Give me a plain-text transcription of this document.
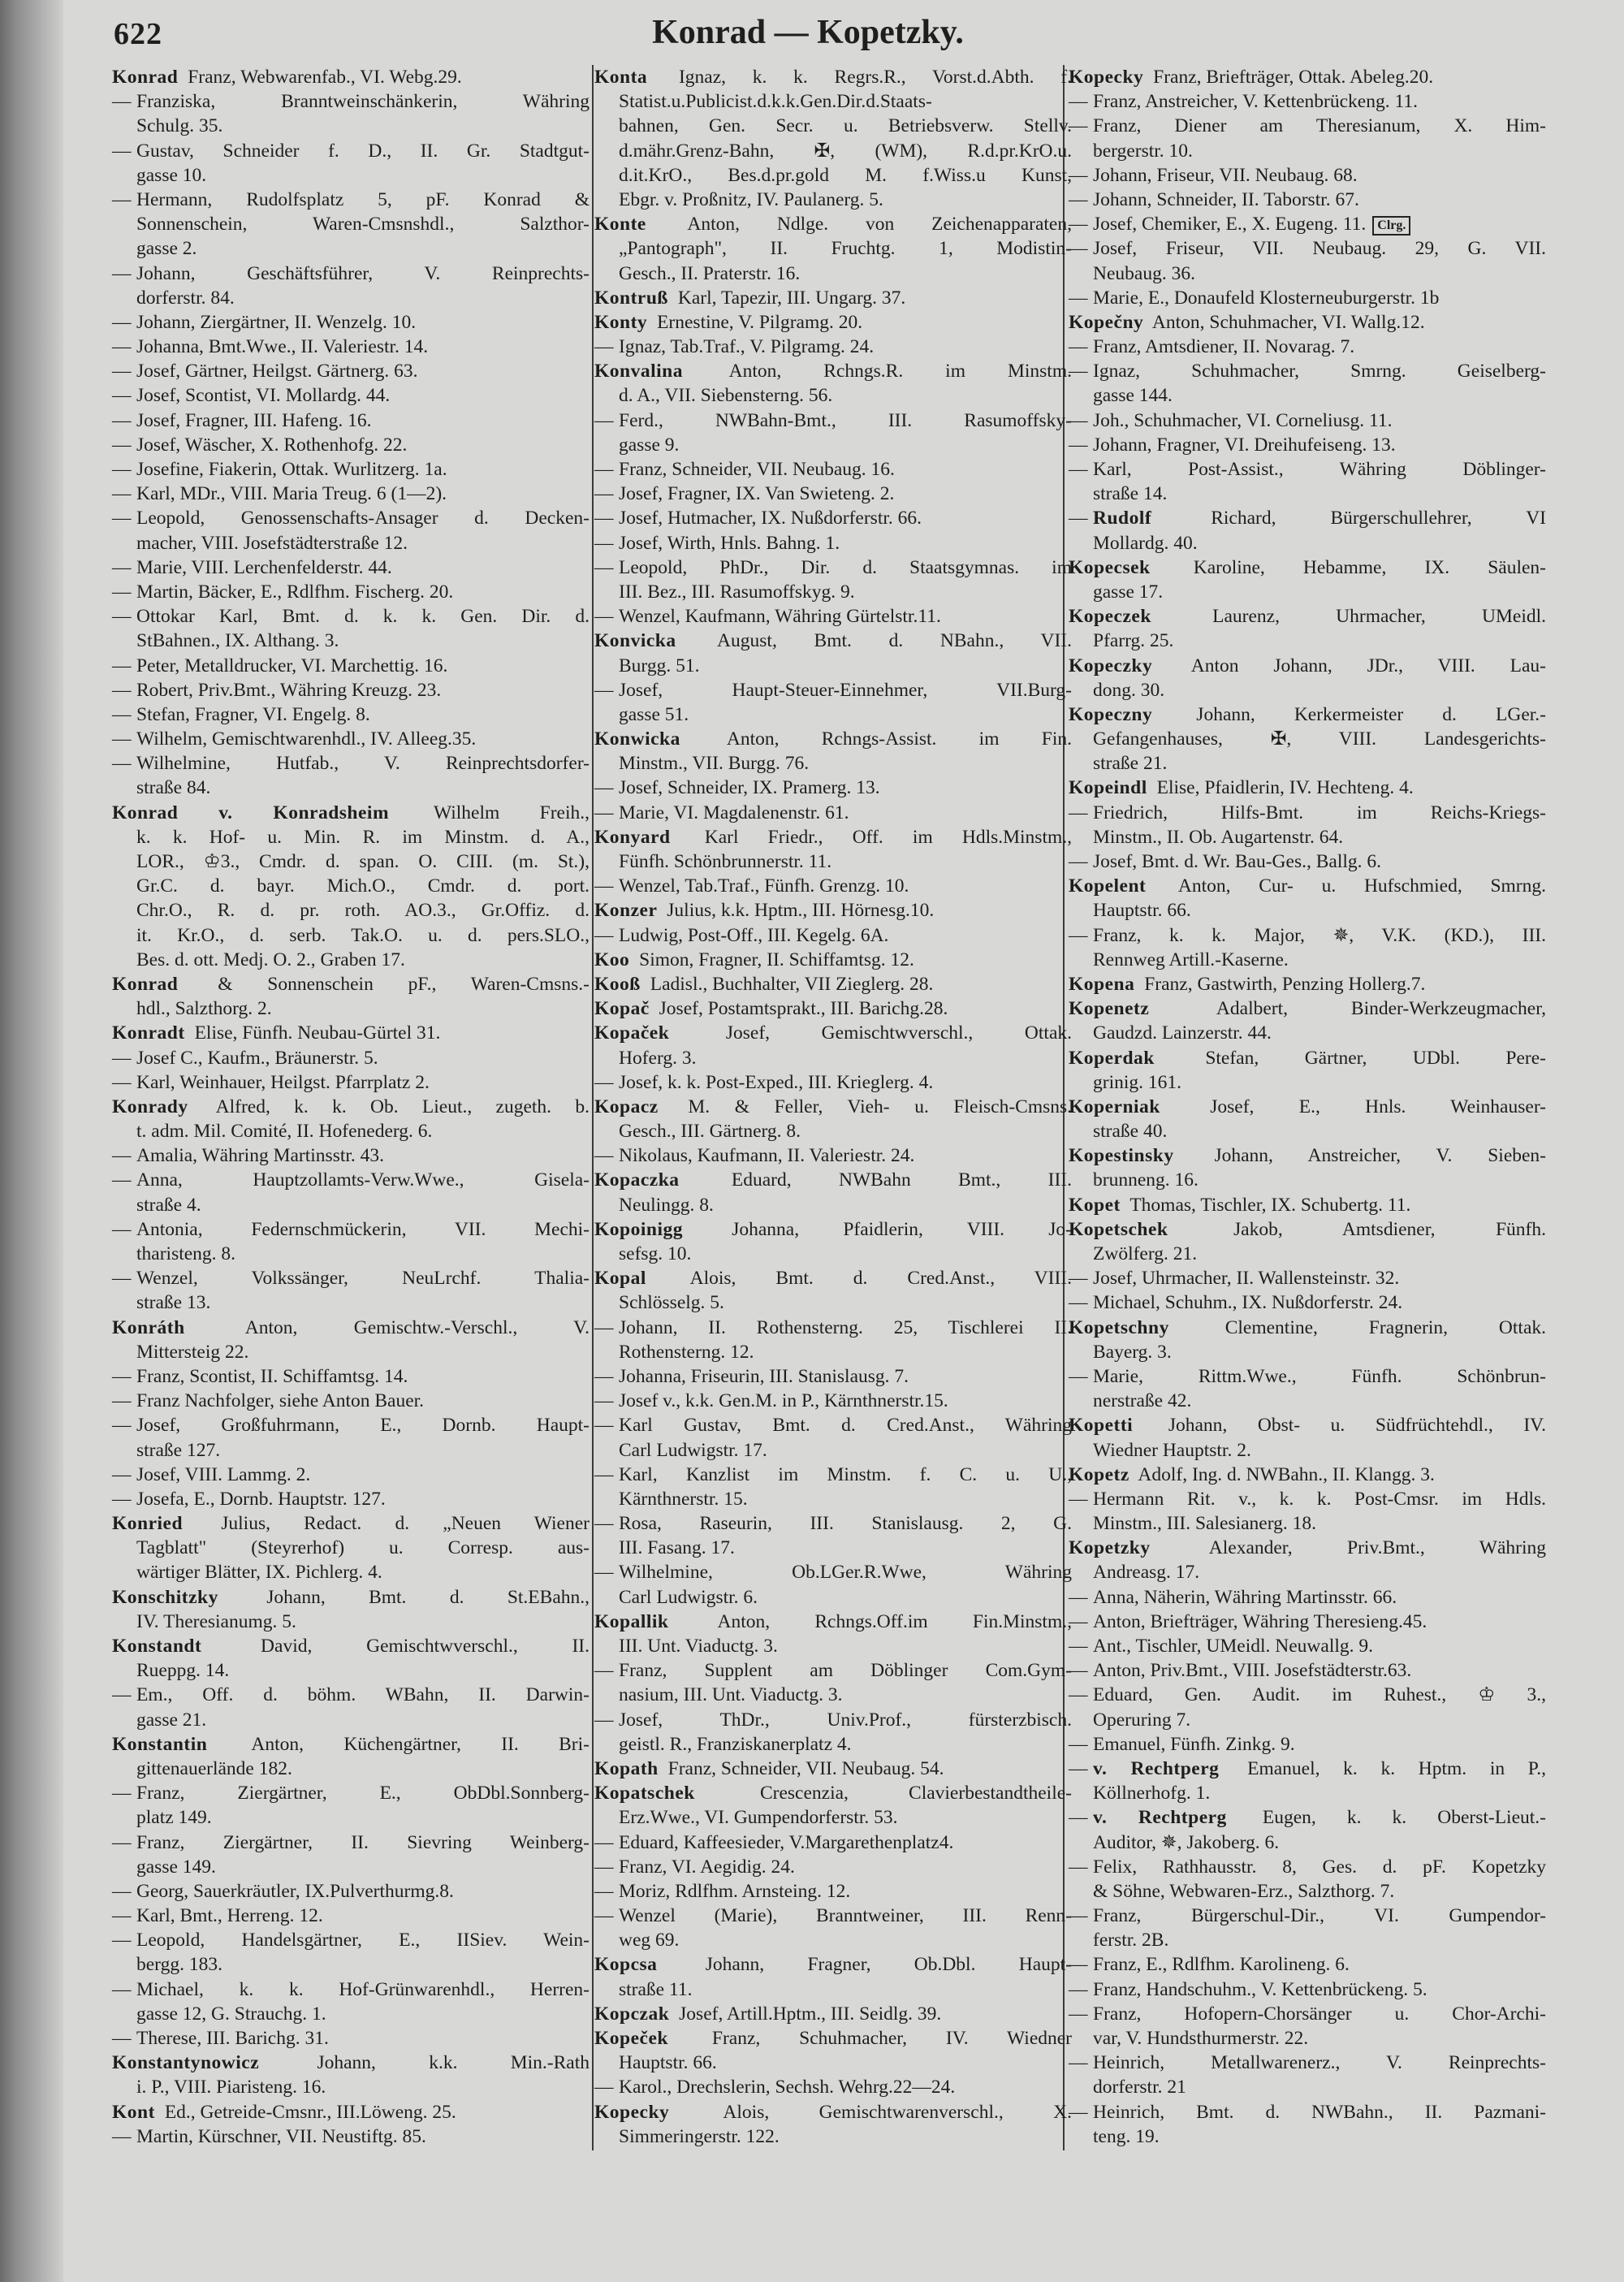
622	Konrad — Kopetzky.
Konrad Franz, Webwarenfab., VI. Webg.29.
— Franziska, Branntweinschänkerin, Währing
Schulg. 35.
— Gustav, Schneider f. D., II. Gr. Stadtgut-
gasse 10.
— Hermann, Rudolfsplatz 5, pF. Konrad &
Sonnenschein, Waren-Cmsnshdl., Salzthor-
gasse 2.
— Johann, Geschäftsführer, V. Reinprechts-
dorferstr. 84.
— Johann, Ziergärtner, II. Wenzelg. 10.
— Johanna, Bmt.Wwe., II. Valeriestr. 14.
— Josef, Gärtner, Heilgst. Gärtnerg. 63.
— Josef, Scontist, VI. Mollardg. 44.
— Josef, Fragner, III. Hafeng. 16.
— Josef, Wäscher, X. Rothenhofg. 22.
— Josefine, Fiakerin, Ottak. Wurlitzerg. 1a.
— Karl, MDr., VIII. Maria Treug. 6 (1—2).
— Leopold, Genossenschafts-Ansager d. Decken-
macher, VIII. Josefstädterstraße 12.
— Marie, VIII. Lerchenfelderstr. 44.
— Martin, Bäcker, E., Rdlfhm. Fischerg. 20.
— Ottokar Karl, Bmt. d. k. k. Gen. Dir. d.
StBahnen., IX. Althang. 3.
— Peter, Metalldrucker, VI. Marchettig. 16.
— Robert, Priv.Bmt., Währing Kreuzg. 23.
— Stefan, Fragner, VI. Engelg. 8.
— Wilhelm, Gemischtwarenhdl., IV. Alleeg.35.
— Wilhelmine, Hutfab., V. Reinprechtsdorfer-
straße 84.
Konrad v. Konradsheim Wilhelm Freih.,
k. k. Hof- u. Min. R. im Minstm. d. A.,
LOR., ♔3., Cmdr. d. span. O. CIII. (m. St.),
Gr.C. d. bayr. Mich.O., Cmdr. d. port.
Chr.O., R. d. pr. roth. AO.3., Gr.Offiz. d.
it. Kr.O., d. serb. Tak.O. u. d. pers.SLO.,
Bes. d. ott. Medj. O. 2., Graben 17.
Konrad & Sonnenschein pF., Waren-Cmsns.-
hdl., Salzthorg. 2.
Konradt Elise, Fünfh. Neubau-Gürtel 31.
— Josef C., Kaufm., Bräunerstr. 5.
— Karl, Weinhauer, Heilgst. Pfarrplatz 2.
Konrady Alfred, k. k. Ob. Lieut., zugeth. b.
t. adm. Mil. Comité, II. Hofenederg. 6.
— Amalia, Währing Martinsstr. 43.
— Anna, Hauptzollamts-Verw.Wwe., Gisela-
straße 4.
— Antonia, Federnschmückerin, VII. Mechi-
tharisteng. 8.
— Wenzel, Volkssänger, NeuLrchf. Thalia-
straße 13.
Konráth	Anton, Gemischtw.-Verschl., V.
Mittersteig 22.
— Franz, Scontist, II. Schiffamtsg. 14.
— Franz Nachfolger, siehe Anton Bauer.
— Josef, Großfuhrmann, E., Dornb. Haupt-
straße 127.
— Josef, VIII. Lammg. 2.
— Josefa, E., Dornb. Hauptstr. 127.
Konried Julius, Redact. d. „Neuen Wiener
Tagblatt" (Steyrerhof) u. Corresp. aus-
wärtiger Blätter, IX. Pichlerg. 4.
Konschitzky	Johann, Bmt. d. St.EBahn.,
IV. Theresianumg. 5.
Konstandt	David, Gemischtwverschl., II.
Rueppg. 14.
— Em., Off. d. böhm. WBahn, II. Darwin-
gasse 21.
Konstantin Anton, Küchengärtner, II. Bri-
gittenauerlände 182.
— Franz, Ziergärtner, E., ObDbl.Sonnberg-
platz 149.
— Franz, Ziergärtner, II. Sievring Weinberg-
gasse 149.
— Georg, Sauerkräutler, IX.Pulverthurmg.8.
— Karl, Bmt., Herreng. 12.
— Leopold, Handelsgärtner, E., IISiev. Wein-
bergg. 183.
— Michael, k. k. Hof-Grünwarenhdl., Herren-
gasse 12, G. Strauchg. 1.
— Therese, III. Barichg. 31.
Konstantynowicz	Johann, k.k. Min.-Rath
i. P., VIII. Piaristeng. 16.
Kont Ed., Getreide-Cmsnr., III.Löweng. 25.
— Martin, Kürschner, VII. Neustiftg. 85.
Konta Ignaz, k. k. Regrs.R., Vorst.d.Abth. f.
Statist.u.Publicist.d.k.k.Gen.Dir.d.Staats-
bahnen, Gen. Secr. u. Betriebsverw. Stellv.
d.mähr.Grenz-Bahn, ✠, (WM), R.d.pr.KrO.u.
d.it.KrO., Bes.d.pr.gold M. f.Wiss.u Kunst,
Ebgr. v. Proßnitz, IV. Paulanerg. 5.
Konte Anton, Ndlge. von Zeichenapparaten,
„Pantograph", II. Fruchtg. 1, Modistin-
Gesch., II. Praterstr. 16.
Kontruß Karl, Tapezir, III. Ungarg. 37.
Konty Ernestine, V. Pilgramg. 20.
— Ignaz, Tab.Traf., V. Pilgramg. 24.
Konvalina Anton, Rchngs.R. im Minstm.
d. A., VII. Siebensterng. 56.
— Ferd., NWBahn-Bmt., III. Rasumoffsky-
gasse 9.
— Franz, Schneider, VII. Neubaug. 16.
— Josef, Fragner, IX. Van Swieteng. 2.
— Josef, Hutmacher, IX. Nußdorferstr. 66.
— Josef, Wirth, Hnls. Bahng. 1.
— Leopold, PhDr., Dir. d. Staatsgymnas. im
III. Bez., III. Rasumoffskyg. 9.
— Wenzel, Kaufmann, Währing Gürtelstr.11.
Konvicka August, Bmt. d. NBahn., VII.
Burgg. 51.
— Josef, Haupt-Steuer-Einnehmer, VII.Burg-
gasse 51.
Konwicka Anton, Rchngs-Assist. im Fin.
Minstm., VII. Burgg. 76.
— Josef, Schneider, IX. Pramerg. 13.
— Marie, VI. Magdalenenstr. 61.
Konyard Karl Friedr., Off. im Hdls.Minstm.,
Fünfh. Schönbrunnerstr. 11.
— Wenzel, Tab.Traf., Fünfh. Grenzg. 10.
Konzer Julius, k.k. Hptm., III. Hörnesg.10.
— Ludwig, Post-Off., III. Kegelg. 6A.
Koo Simon, Fragner, II. Schiffamtsg. 12.
Kooß Ladisl., Buchhalter, VII Zieglerg. 28.
Kopač Josef, Postamtsprakt., III. Barichg.28.
Kopaček	Josef, Gemischtwverschl., Ottak.
Hoferg. 3.
— Josef, k. k. Post-Exped., III. Krieglerg. 4.
Kopacz M. & Feller, Vieh- u. Fleisch-Cmsns.
Gesch., III. Gärtnerg. 8.
— Nikolaus, Kaufmann, II. Valeriestr. 24.
Kopaczka	Eduard, NWBahn Bmt., III.
Neulingg. 8.
Kopoinigg	Johanna, Pfaidlerin, VIII. Jo-
sefsg. 10.
Kopal Alois, Bmt. d. Cred.Anst., VIII.
Schlösselg. 5.
— Johann, II. Rothensterng. 25, Tischlerei II.
Rothensterng. 12.
— Johanna, Friseurin, III. Stanislausg. 7.
— Josef v., k.k. Gen.M. in P., Kärnthnerstr.15.
— Karl Gustav, Bmt. d. Cred.Anst., Währing
Carl Ludwigstr. 17.
— Karl, Kanzlist im Minstm. f. C. u. U.,
Kärnthnerstr. 15.
— Rosa, Raseurin, III. Stanislausg. 2, G.
III. Fasang. 17.
— Wilhelmine, Ob.LGer.R.Wwe, Währing
Carl Ludwigstr. 6.
Kopallik	Anton, Rchngs.Off.im Fin.Minstm.,
III. Unt. Viaductg. 3.
— Franz, Supplent am Döblinger Com.Gym-
nasium, III. Unt. Viaductg. 3.
— Josef, ThDr., Univ.Prof., fürsterzbisch.
geistl. R., Franziskanerplatz 4.
Kopath Franz, Schneider, VII. Neubaug. 54.
Kopatschek	Crescenzia, Clavierbestandtheile-
Erz.Wwe., VI. Gumpendorferstr. 53.
— Eduard, Kaffeesieder, V.Margarethenplatz4.
— Franz, VI. Aegidig. 24.
— Moriz, Rdlfhm. Arnsteing. 12.
— Wenzel (Marie), Branntweiner, III. Renn-
weg 69.
Kopcsa	Johann, Fragner, Ob.Dbl. Haupt-
straße 11.
Kopczak Josef, Artill.Hptm., III. Seidlg. 39.
Kopeček Franz, Schuhmacher, IV. Wiedner
Hauptstr. 66.
— Karol., Drechslerin, Sechsh. Wehrg.22—24.
Kopecky	Alois, Gemischtwarenverschl., X.
Simmeringerstr. 122.
Kopecky Franz, Briefträger, Ottak. Abeleg.20.
— Franz, Anstreicher, V. Kettenbrückeng. 11.
— Franz, Diener am Theresianum, X. Him-
bergerstr. 10.
— Johann, Friseur, VII. Neubaug. 68.
— Johann, Schneider, II. Taborstr. 67.
— Josef, Chemiker, E., X. Eugeng. 11. Clrg.
— Josef, Friseur, VII. Neubaug. 29, G. VII.
Neubaug. 36.
— Marie, E., Donaufeld Klosterneuburgerstr. 1b
Kopečny Anton, Schuhmacher, VI. Wallg.12.
— Franz, Amtsdiener, II. Novarag. 7.
— Ignaz, Schuhmacher, Smrng. Geiselberg-
gasse 144.
— Joh., Schuhmacher, VI. Corneliusg. 11.
— Johann, Fragner, VI. Dreihufeiseng. 13.
— Karl, Post-Assist., Währing Döblinger-
straße 14.
— Rudolf	Richard, Bürgerschullehrer, VI
Mollardg. 40.
Kopecsek Karoline, Hebamme, IX. Säulen-
gasse 17.
Kopeczek	Laurenz, Uhrmacher, UMeidl.
Pfarrg. 25.
Kopeczky Anton Johann, JDr., VIII. Lau-
dong. 30.
Kopeczny Johann, Kerkermeister d. LGer.-
Gefangenhauses, ✠, VIII. Landesgerichts-
straße 21.
Kopeindl Elise, Pfaidlerin, IV. Hechteng. 4.
— Friedrich, Hilfs-Bmt. im Reichs-Kriegs-
Minstm., II. Ob. Augartenstr. 64.
— Josef, Bmt. d. Wr. Bau-Ges., Ballg. 6.
Kopelent Anton, Cur- u. Hufschmied, Smrng.
Hauptstr. 66.
— Franz, k. k. Major, ✵, V.K. (KD.), III.
Rennweg Artill.-Kaserne.
Kopena Franz, Gastwirth, Penzing Hollerg.7.
Kopenetz	Adalbert, Binder-Werkzeugmacher,
Gaudzd. Lainzerstr. 44.
Koperdak	Stefan, Gärtner, UDbl. Pere-
grinig. 161.
Koperniak	Josef, E., Hnls. Weinhauser-
straße 40.
Kopestinsky Johann, Anstreicher, V. Sieben-
brunneng. 16.
Kopet Thomas, Tischler, IX. Schubertg. 11.
Kopetschek	Jakob, Amtsdiener, Fünfh.
Zwölferg. 21.
— Josef, Uhrmacher, II. Wallensteinstr. 32.
— Michael, Schuhm., IX. Nußdorferstr. 24.
Kopetschny	Clementine, Fragnerin, Ottak.
Bayerg. 3.
— Marie, Rittm.Wwe., Fünfh. Schönbrun-
nerstraße 42.
Kopetti Johann, Obst- u. Südfrüchtehdl., IV.
Wiedner Hauptstr. 2.
Kopetz Adolf, Ing. d. NWBahn., II. Klangg. 3.
— Hermann Rit. v., k. k. Post-Cmsr. im Hdls.
Minstm., III. Salesianerg. 18.
Kopetzky	Alexander, Priv.Bmt., Währing
Andreasg. 17.
— Anna, Näherin, Währing Martinsstr. 66.
— Anton, Briefträger, Währing Theresieng.45.
— Ant., Tischler, UMeidl. Neuwallg. 9.
— Anton, Priv.Bmt., VIII. Josefstädterstr.63.
— Eduard, Gen. Audit. im Ruhest., ♔ 3.,
Operuring 7.
— Emanuel, Fünfh. Zinkg. 9.
— v. Rechtperg Emanuel, k. k. Hptm. in P.,
Köllnerhofg. 1.
— v. Rechtperg Eugen, k. k. Oberst-Lieut.-
Auditor, ✵, Jakoberg. 6.
— Felix, Rathhausstr. 8, Ges. d. pF. Kopetzky
& Söhne, Webwaren-Erz., Salzthorg. 7.
— Franz, Bürgerschul-Dir., VI. Gumpendor-
ferstr. 2B.
— Franz, E., Rdlfhm. Karolineng. 6.
— Franz, Handschuhm., V. Kettenbrückeng. 5.
— Franz, Hofopern-Chorsänger u. Chor-Archi-
var, V. Hundsthurmerstr. 22.
— Heinrich, Metallwarenerz., V. Reinprechts-
dorferstr. 21
— Heinrich, Bmt. d. NWBahn., II. Pazmani-
teng. 19.
